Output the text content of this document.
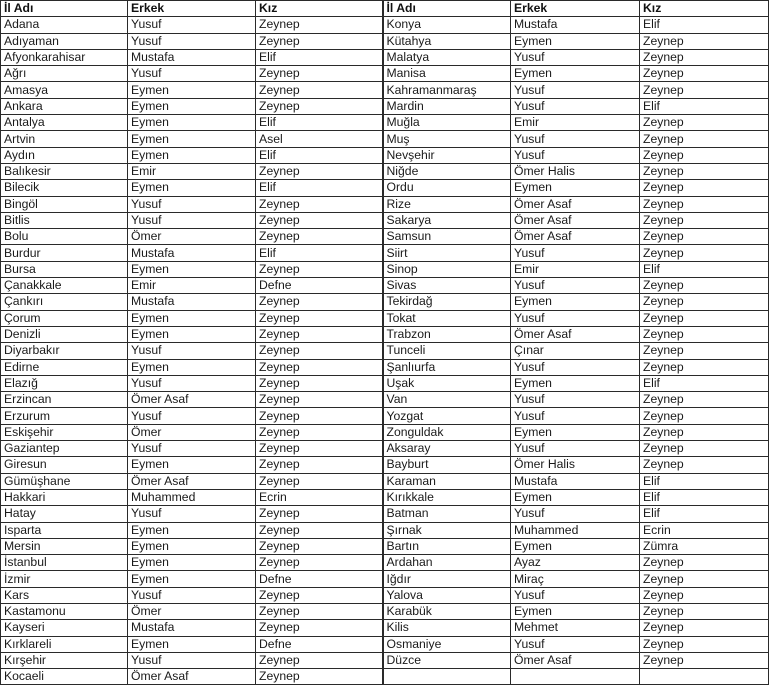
İl Adı	Erkek	Kız	İl Adı	Erkek	Kız
Adana	Yusuf	Zeynep	Konya	Mustafa	Elif
Adıyaman	Yusuf	Zeynep	Kütahya	Eymen	Zeynep
Afyonkarahisar	Mustafa	Elif	Malatya	Yusuf	Zeynep
Ağrı	Yusuf	Zeynep	Manisa	Eymen	Zeynep
Amasya	Eymen	Zeynep	Kahramanmaraş	Yusuf	Zeynep
Ankara	Eymen	Zeynep	Mardin	Yusuf	Elif
Antalya	Eymen	Elif	Muğla	Emir	Zeynep
Artvin	Eymen	Asel	Muş	Yusuf	Zeynep
Aydın	Eymen	Elif	Nevşehir	Yusuf	Zeynep
Balıkesir	Emir	Zeynep	Niğde	Ömer Halis	Zeynep
Bilecik	Eymen	Elif	Ordu	Eymen	Zeynep
Bingöl	Yusuf	Zeynep	Rize	Ömer Asaf	Zeynep
Bitlis	Yusuf	Zeynep	Sakarya	Ömer Asaf	Zeynep
Bolu	Ömer	Zeynep	Samsun	Ömer Asaf	Zeynep
Burdur	Mustafa	Elif	Siirt	Yusuf	Zeynep
Bursa	Eymen	Zeynep	Sinop	Emir	Elif
Çanakkale	Emir	Defne	Sivas	Yusuf	Zeynep
Çankırı	Mustafa	Zeynep	Tekirdağ	Eymen	Zeynep
Çorum	Eymen	Zeynep	Tokat	Yusuf	Zeynep
Denizli	Eymen	Zeynep	Trabzon	Ömer Asaf	Zeynep
Diyarbakır	Yusuf	Zeynep	Tunceli	Çınar	Zeynep
Edirne	Eymen	Zeynep	Şanlıurfa	Yusuf	Zeynep
Elazığ	Yusuf	Zeynep	Uşak	Eymen	Elif
Erzincan	Ömer Asaf	Zeynep	Van	Yusuf	Zeynep
Erzurum	Yusuf	Zeynep	Yozgat	Yusuf	Zeynep
Eskişehir	Ömer	Zeynep	Zonguldak	Eymen	Zeynep
Gaziantep	Yusuf	Zeynep	Aksaray	Yusuf	Zeynep
Giresun	Eymen	Zeynep	Bayburt	Ömer Halis	Zeynep
Gümüşhane	Ömer Asaf	Zeynep	Karaman	Mustafa	Elif
Hakkari	Muhammed	Ecrin	Kırıkkale	Eymen	Elif
Hatay	Yusuf	Zeynep	Batman	Yusuf	Elif
Isparta	Eymen	Zeynep	Şırnak	Muhammed	Ecrin
Mersin	Eymen	Zeynep	Bartın	Eymen	Zümra
İstanbul	Eymen	Zeynep	Ardahan	Ayaz	Zeynep
İzmir	Eymen	Defne	Iğdır	Miraç	Zeynep
Kars	Yusuf	Zeynep	Yalova	Yusuf	Zeynep
Kastamonu	Ömer	Zeynep	Karabük	Eymen	Zeynep
Kayseri	Mustafa	Zeynep	Kilis	Mehmet	Zeynep
Kırklareli	Eymen	Defne	Osmaniye	Yusuf	Zeynep
Kırşehir	Yusuf	Zeynep	Düzce	Ömer Asaf	Zeynep
Kocaeli	Ömer Asaf	Zeynep			
